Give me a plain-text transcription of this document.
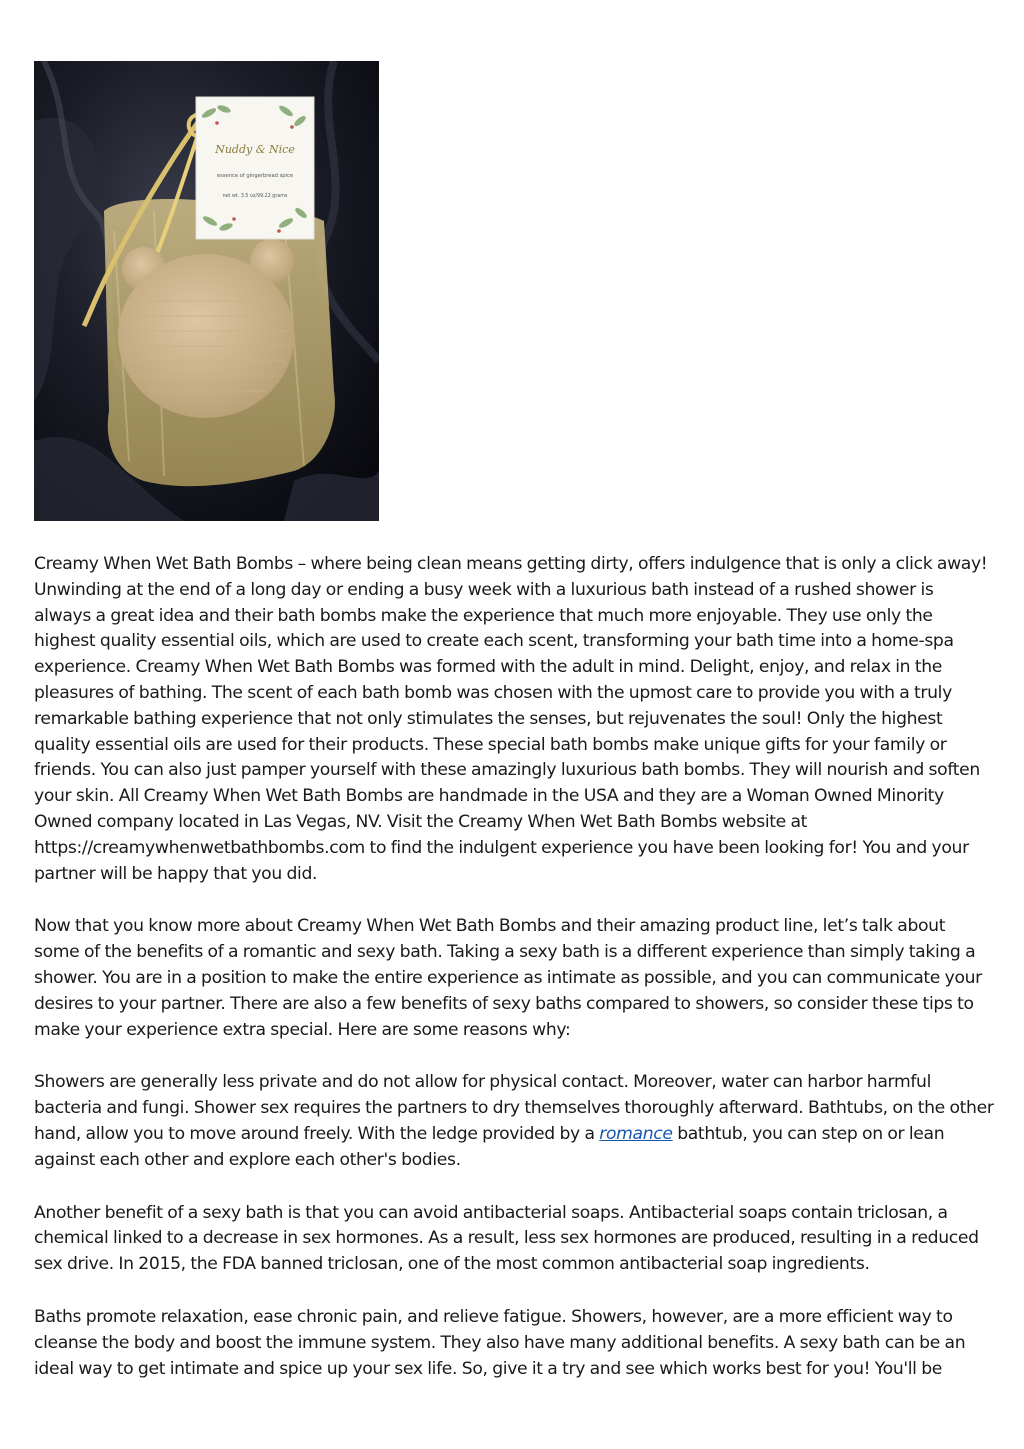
Nuddy & Nice
essence of gingerbread spice
net wt. 3.5 oz/99.22 grams

Creamy When Wet Bath Bombs – where being clean means getting dirty, offers indulgence that is only a click away! Unwinding at the end of a long day or ending a busy week with a luxurious bath instead of a rushed shower is always a great idea and their bath bombs make the experience that much more enjoyable. They use only the highest quality essential oils, which are used to create each scent, transforming your bath time into a home-spa experience. Creamy When Wet Bath Bombs was formed with the adult in mind. Delight, enjoy, and relax in the pleasures of bathing. The scent of each bath bomb was chosen with the upmost care to provide you with a truly remarkable bathing experience that not only stimulates the senses, but rejuvenates the soul! Only the highest quality essential oils are used for their products. These special bath bombs make unique gifts for your family or friends. You can also just pamper yourself with these amazingly luxurious bath bombs. They will nourish and soften your skin. All Creamy When Wet Bath Bombs are handmade in the USA and they are a Woman Owned Minority Owned company located in Las Vegas, NV. Visit the Creamy When Wet Bath Bombs website at https://creamywhenwetbathbombs.com to find the indulgent experience you have been looking for! You and your partner will be happy that you did.

Now that you know more about Creamy When Wet Bath Bombs and their amazing product line, let’s talk about some of the benefits of a romantic and sexy bath. Taking a sexy bath is a different experience than simply taking a shower. You are in a position to make the entire experience as intimate as possible, and you can communicate your desires to your partner. There are also a few benefits of sexy baths compared to showers, so consider these tips to make your experience extra special. Here are some reasons why:

Showers are generally less private and do not allow for physical contact. Moreover, water can harbor harmful bacteria and fungi. Shower sex requires the partners to dry themselves thoroughly afterward. Bathtubs, on the other hand, allow you to move around freely. With the ledge provided by a romance bathtub, you can step on or lean against each other and explore each other's bodies.

Another benefit of a sexy bath is that you can avoid antibacterial soaps. Antibacterial soaps contain triclosan, a chemical linked to a decrease in sex hormones. As a result, less sex hormones are produced, resulting in a reduced sex drive. In 2015, the FDA banned triclosan, one of the most common antibacterial soap ingredients.

Baths promote relaxation, ease chronic pain, and relieve fatigue. Showers, however, are a more efficient way to cleanse the body and boost the immune system. They also have many additional benefits. A sexy bath can be an ideal way to get intimate and spice up your sex life. So, give it a try and see which works best for you! You'll be
